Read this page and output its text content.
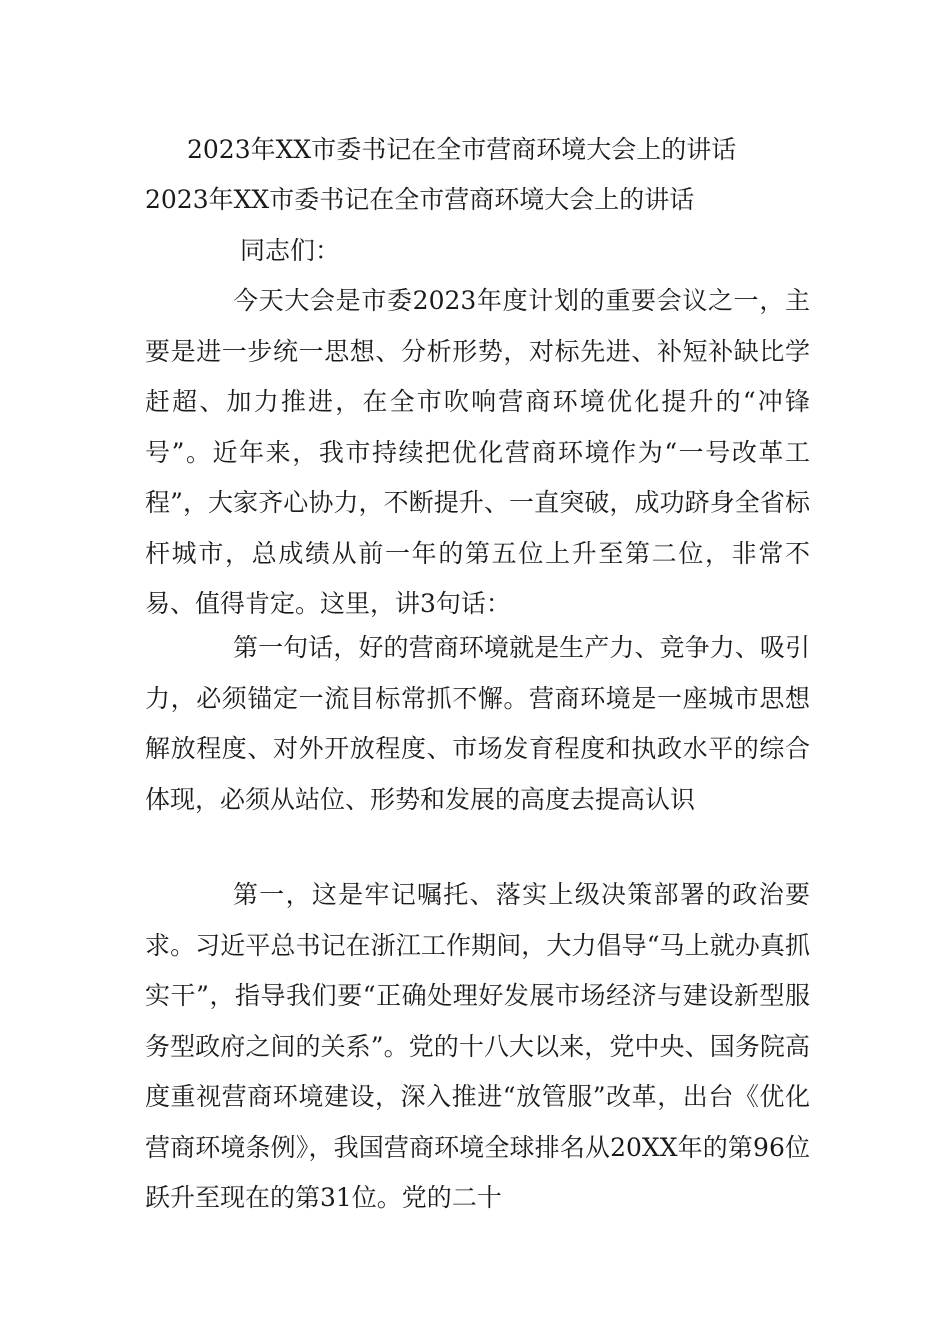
2023年XX市委书记在全市营商环境大会上的讲话
2023年XX市委书记在全市营商环境大会上的讲话
同志们：
今天大会是市委2023年度计划的重要会议之一，主要是进一步统一思想、分析形势，对标先进、补短补缺比学赶超、加力推进，在全市吹响营商环境优化提升的“冲锋号”。近年来，我市持续把优化营商环境作为“一号改革工程”，大家齐心协力，不断提升、一直突破，成功跻身全省标杆城市，总成绩从前一年的第五位上升至第二位，非常不易、值得肯定。这里，讲3句话：
第一句话，好的营商环境就是生产力、竞争力、吸引力，必须锚定一流目标常抓不懈。营商环境是一座城市思想解放程度、对外开放程度、市场发育程度和执政水平的综合体现，必须从站位、形势和发展的高度去提高认识
第一，这是牢记嘱托、落实上级决策部署的政治要求。习近平总书记在浙江工作期间，大力倡导“马上就办真抓实干”，指导我们要“正确处理好发展市场经济与建设新型服务型政府之间的关系”。党的十八大以来，党中央、国务院高度重视营商环境建设，深入推进“放管服”改革，出台《优化营商环境条例》，我国营商环境全球排名从20XX年的第96位跃升至现在的第31位。党的二十
